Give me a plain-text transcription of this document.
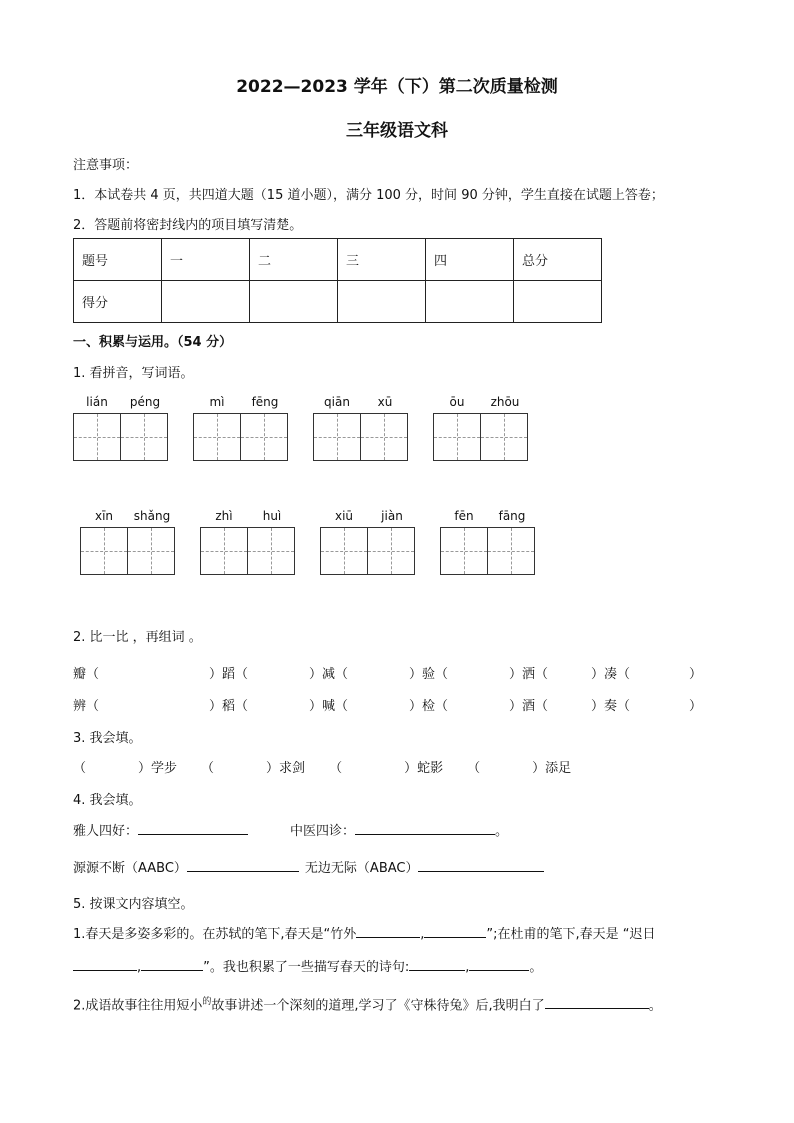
2022—2023 学年（下）第二次质量检测
三年级语文科
注意事项：
1．本试卷共 4 页，共四道大题（15 道小题），满分 100 分，时间 90 分钟，学生直接在试题上答卷；
2．答题前将密封线内的项目填写清楚。
题号	一	二	三	四	总分
得分					
一、积累与运用。（54 分）
1. 看拼音，写词语。
lián	péng	mì	fēng	qiān	xū	ōu	zhōu
xīn	shǎng	zhì	huì	xiū	jiàn	fēn	fāng
2. 比一比 ，再组词 。
瓣（	）蹈（	）减（	）验（	）洒（	）凑（	）
辨（	）稻（	）喊（	）检（	）酒（	）奏（	）
3. 我会填。
（	）学步 （	）求剑 （	）蛇影 （	）添足
4. 我会填。
雅人四好：	中医四诊：	。
源源不断（AABC）	无边无际（ABAC）
5. 按课文内容填空。
1.春天是多姿多彩的。在苏轼的笔下,春天是“竹外	,	”;在杜甫的笔下,春天是 “迟日
,	”。我也积累了一些描写春天的诗句:	,	。
2.成语故事往往用短小$^的$故事讲述一个深刻的道理,学习了《守株待兔》后,我明白了	。
